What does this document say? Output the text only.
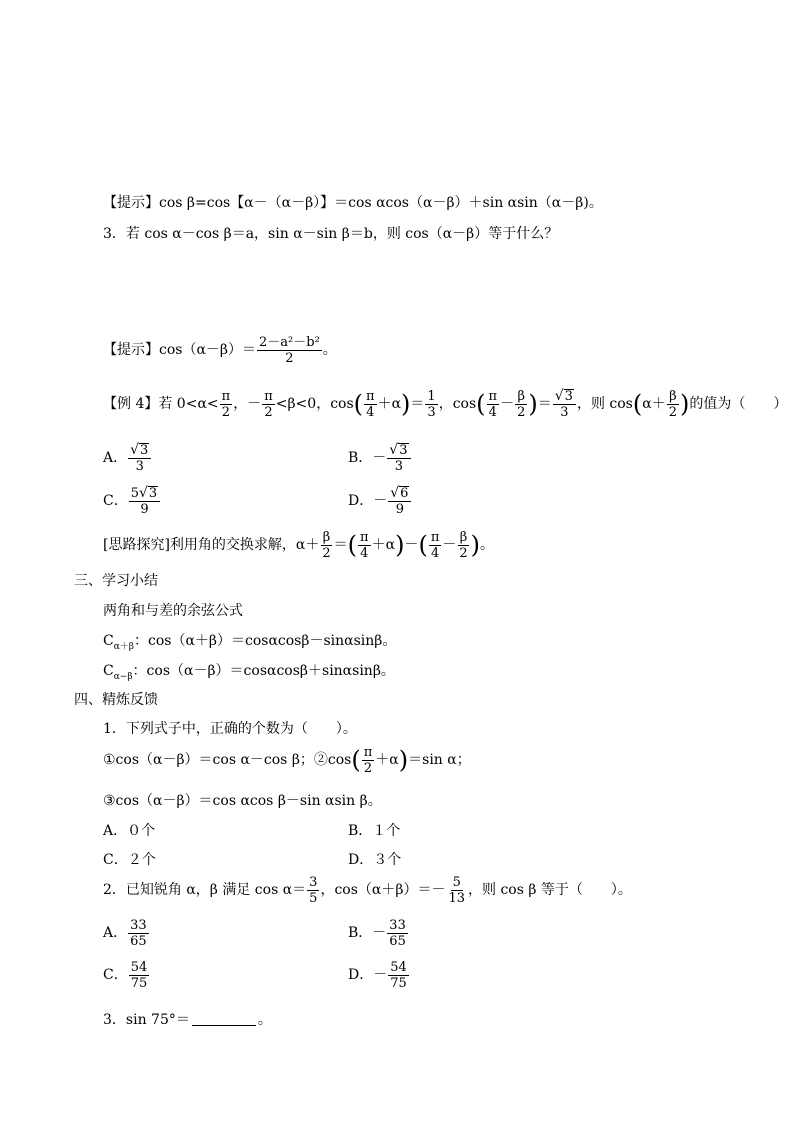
【提示】cos β=cos【α－（α－β）】＝cos αcos（α－β）＋sin αsin（α－β)。
3．若 cos α－cos β＝a，sin α－sin β＝b，则 cos（α－β）等于什么？
【提示】$\cos(\alpha-\beta)= \frac{\text{2－a²－b²}}{2}$ 。
【例 4】若 $0<\alpha< \frac{\pi}{2}$ ，－ $\frac{\pi}{2} <\beta<0$，$\cos( \frac{\pi}{4} +\alpha)= \frac{1}{3}$ ，$\cos( \frac{\pi}{4} - \frac{\beta}{2}$ )＝ $\frac{√ 3}{3}$ ，则 $\cos(\alpha+ \frac{\beta}{2}$ )的值为（　　）
A． $\frac{√ 3}{3}$	B．－ $\frac{√ 3}{3}$
C． $\frac{5 √ 3}{9}$	D．－ $\frac{√ 6}{9}$
[思路探究]利用角的交换求解，$\alpha+ \frac{\beta}{2}$ ＝( $\frac{\pi}{4} +\alpha)-( \frac{\pi}{4} - \frac{\beta}{2}$ )。
三、学习小结
两角和与差的余弦公式
$C_{\alpha+\beta}$：cos（α＋β）＝cosαcosβ－sinαsinβ。
$C_{\alpha-\beta}$：cos（α－β）＝cosαcosβ＋sinαsinβ。
四、精炼反馈
1．下列式子中，正确的个数为（　　）。
①cos（α－β）＝cos α－cos β；②cos( $\frac{\pi}{2} +\alpha)=\sin$ α；
③cos（α－β）＝cos αcos β－sin αsin β。
A．０个	B．１个
C．２个	D．３个
2．已知锐角 α，β 满足 $\cos \alpha= \frac{3}{5}$ ，$\cos(\alpha+\beta)=- \frac{5}{13}$ ，则 cos β 等于（　　）。
A． $\frac{33}{65}$	B．－ $\frac{33}{65}$
C． $\frac{54}{75}$	D．－ $\frac{54}{75}$
3．sin 75°＝	。
